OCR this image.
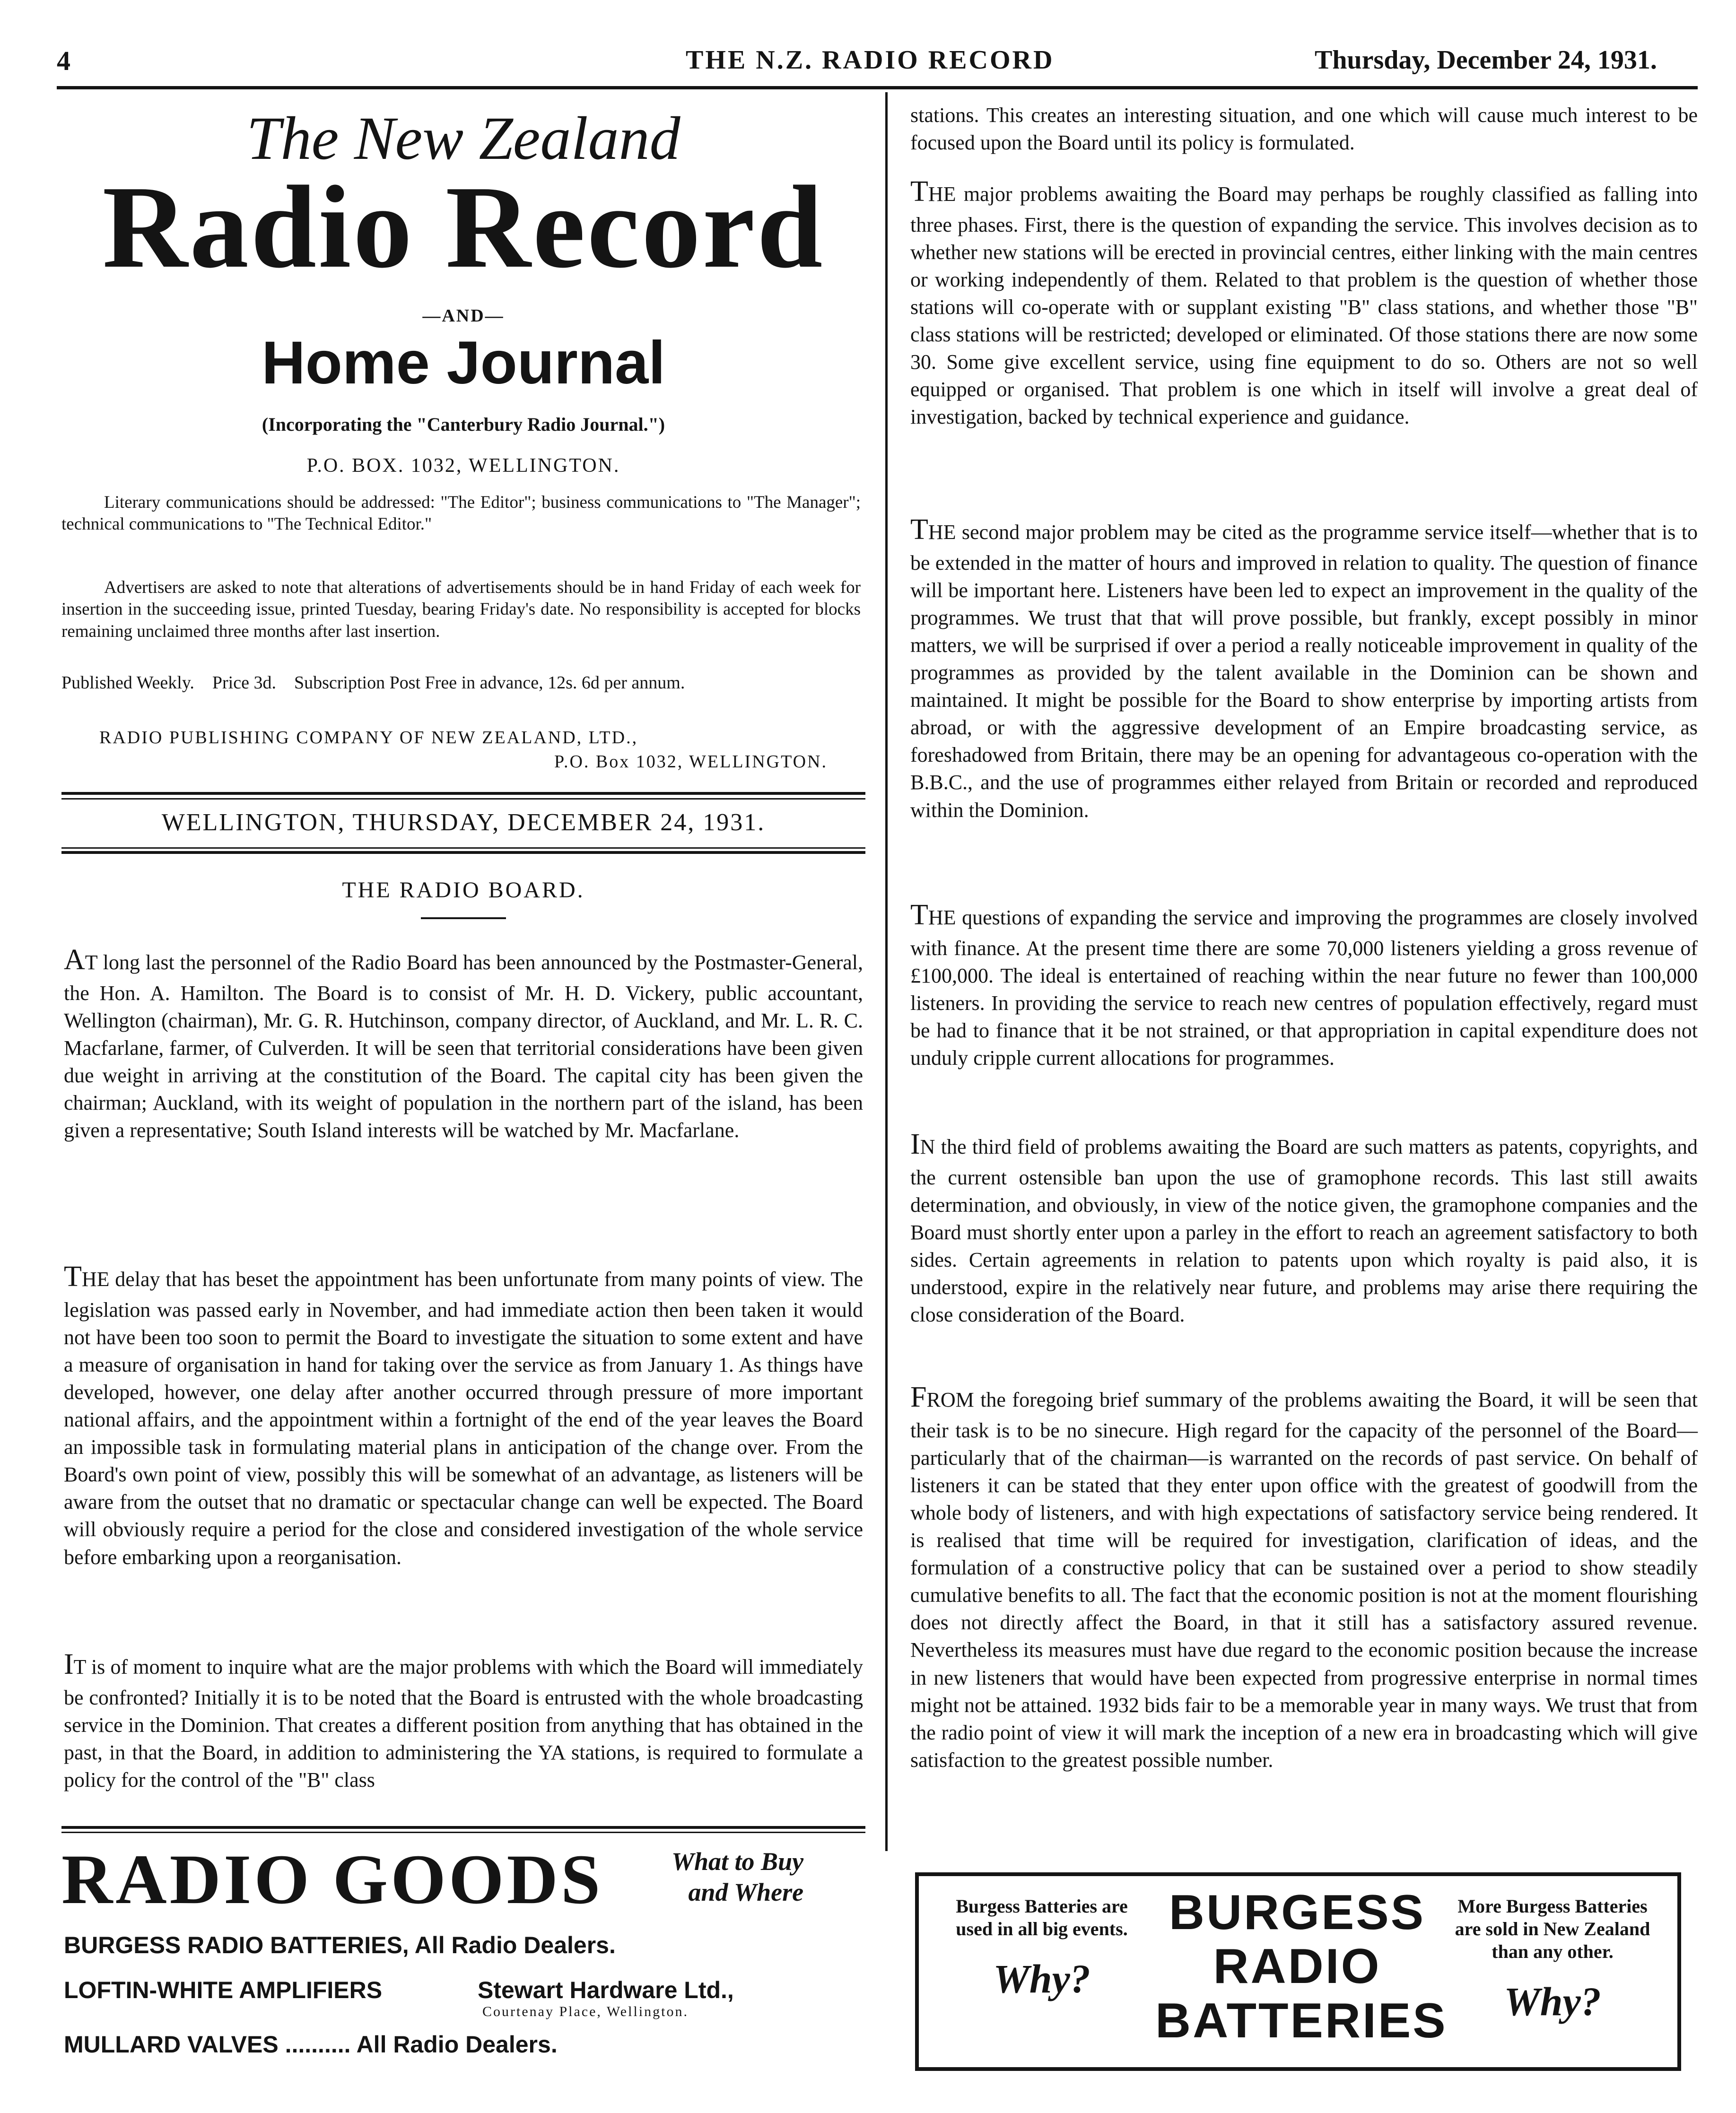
4	THE N.Z. RADIO RECORD	Thursday, December 24, 1931.
The New Zealand
Radio Record
—AND—
Home Journal
(Incorporating the "Canterbury Radio Journal.")
P.O. BOX. 1032, WELLINGTON.
Literary communications should be addressed: "The Editor"; business communications to "The Manager"; technical communications to "The Technical Editor."
Advertisers are asked to note that alterations of advertisements should be in hand Friday of each week for insertion in the succeeding issue, printed Tuesday, bearing Friday's date. No responsibility is accepted for blocks remaining unclaimed three months after last insertion.
Published Weekly. Price 3d. Subscription Post Free in advance, 12s. 6d per annum.
RADIO PUBLISHING COMPANY OF NEW ZEALAND, LTD.,
P.O. Box 1032, WELLINGTON.
WELLINGTON, THURSDAY, DECEMBER 24, 1931.
THE RADIO BOARD.

AT long last the personnel of the Radio Board has been announced by the Postmaster-General, the Hon. A. Hamilton. The Board is to consist of Mr. H. D. Vickery, public accountant, Wellington (chairman), Mr. G. R. Hutchinson, company director, of Auckland, and Mr. L. R. C. Macfarlane, farmer, of Culverden. It will be seen that territorial considerations have been given due weight in arriving at the constitution of the Board. The capital city has been given the chairman; Auckland, with its weight of population in the northern part of the island, has been given a representative; South Island interests will be watched by Mr. Macfarlane.

THE delay that has beset the appointment has been unfortunate from many points of view. The legislation was passed early in November, and had immediate action then been taken it would not have been too soon to permit the Board to investigate the situation to some extent and have a measure of organisation in hand for taking over the service as from January 1. As things have developed, however, one delay after another occurred through pressure of more important national affairs, and the appointment within a fortnight of the end of the year leaves the Board an impossible task in formulating material plans in anticipation of the change over. From the Board's own point of view, possibly this will be somewhat of an advantage, as listeners will be aware from the outset that no dramatic or spectacular change can well be expected. The Board will obviously require a period for the close and considered investigation of the whole service before embarking upon a reorganisation.

IT is of moment to inquire what are the major problems with which the Board will immediately be confronted? Initially it is to be noted that the Board is entrusted with the whole broadcasting service in the Dominion. That creates a different position from anything that has obtained in the past, in that the Board, in addition to administering the YA stations, is required to formulate a policy for the control of the "B" class

stations. This creates an interesting situation, and one which will cause much interest to be focused upon the Board until its policy is formulated.

THE major problems awaiting the Board may perhaps be roughly classified as falling into three phases. First, there is the question of expanding the service. This involves decision as to whether new stations will be erected in provincial centres, either linking with the main centres or working independently of them. Related to that problem is the question of whether those stations will co-operate with or supplant existing "B" class stations, and whether those "B" class stations will be restricted; developed or eliminated. Of those stations there are now some 30. Some give excellent service, using fine equipment to do so. Others are not so well equipped or organised. That problem is one which in itself will involve a great deal of investigation, backed by technical experience and guidance.

THE second major problem may be cited as the programme service itself—whether that is to be extended in the matter of hours and improved in relation to quality. The question of finance will be important here. Listeners have been led to expect an improvement in the quality of the programmes. We trust that that will prove possible, but frankly, except possibly in minor matters, we will be surprised if over a period a really noticeable improvement in quality of the programmes as provided by the talent available in the Dominion can be shown and maintained. It might be possible for the Board to show enterprise by importing artists from abroad, or with the aggressive development of an Empire broadcasting service, as foreshadowed from Britain, there may be an opening for advantageous co-operation with the B.B.C., and the use of programmes either relayed from Britain or recorded and reproduced within the Dominion.

THE questions of expanding the service and improving the programmes are closely involved with finance. At the present time there are some 70,000 listeners yielding a gross revenue of £100,000. The ideal is entertained of reaching within the near future no fewer than 100,000 listeners. In providing the service to reach new centres of population effectively, regard must be had to finance that it be not strained, or that appropriation in capital expenditure does not unduly cripple current allocations for programmes.

IN the third field of problems awaiting the Board are such matters as patents, copyrights, and the current ostensible ban upon the use of gramophone records. This last still awaits determination, and obviously, in view of the notice given, the gramophone companies and the Board must shortly enter upon a parley in the effort to reach an agreement satisfactory to both sides. Certain agreements in relation to patents upon which royalty is paid also, it is understood, expire in the relatively near future, and problems may arise there requiring the close consideration of the Board.

FROM the foregoing brief summary of the problems awaiting the Board, it will be seen that their task is to be no sinecure. High regard for the capacity of the personnel of the Board—particularly that of the chairman—is warranted on the records of past service. On behalf of listeners it can be stated that they enter upon office with the greatest of goodwill from the whole body of listeners, and with high expectations of satisfactory service being rendered. It is realised that time will be required for investigation, clarification of ideas, and the formulation of a constructive policy that can be sustained over a period to show steadily cumulative benefits to all. The fact that the economic position is not at the moment flourishing does not directly affect the Board, in that it still has a satisfactory assured revenue. Nevertheless its measures must have due regard to the economic position because the increase in new listeners that would have been expected from progressive enterprise in normal times might not be attained. 1932 bids fair to be a memorable year in many ways. We trust that from the radio point of view it will mark the inception of a new era in broadcasting which will give satisfaction to the greatest possible number.

RADIO GOODS	What to Buy
and Where
BURGESS RADIO BATTERIES, All Radio Dealers.
LOFTIN-WHITE AMPLIFIERS	Stewart Hardware Ltd.,
Courtenay Place, Wellington.
MULLARD VALVES .......... All Radio Dealers.
Burgess Batteries are used in all big events.
Why?
BURGESS
RADIO
BATTERIES
More Burgess Batteries are sold in New Zealand than any other.
Why?
